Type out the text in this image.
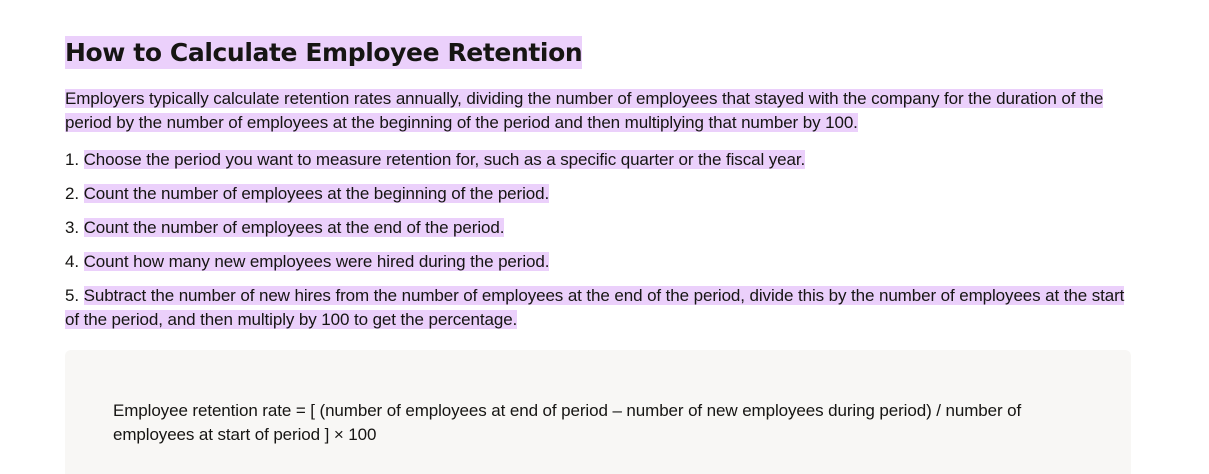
How to Calculate Employee Retention

Employers typically calculate retention rates annually, dividing the number of employees that stayed with the company for the duration of the period by the number of employees at the beginning of the period and then multiplying that number by 100.

1. Choose the period you want to measure retention for, such as a specific quarter or the fiscal year.
2. Count the number of employees at the beginning of the period.
3. Count the number of employees at the end of the period.
4. Count how many new employees were hired during the period.
5. Subtract the number of new hires from the number of employees at the end of the period, divide this by the number of employees at the start of the period, and then multiply by 100 to get the percentage.

Employee retention rate = [ (number of employees at end of period – number of new employees during period) / number of employees at start of period ] × 100
